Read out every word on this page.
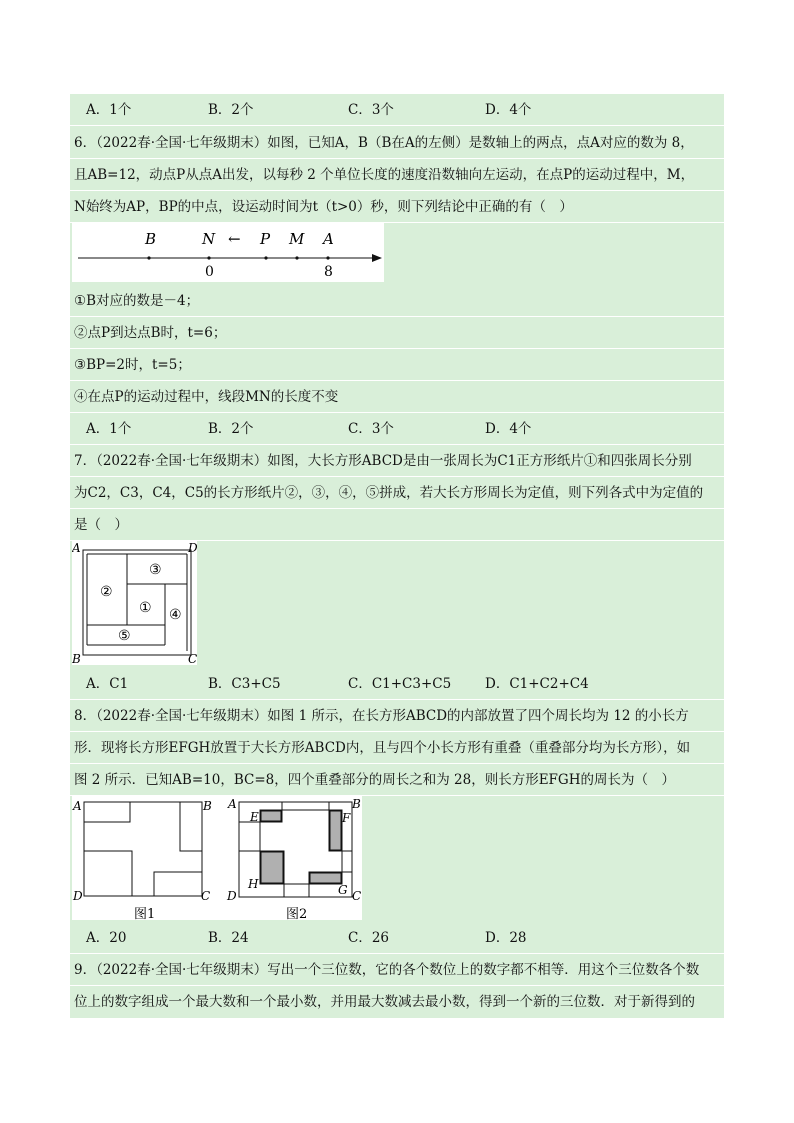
A．1个	B．2个	C．3个	D．4个
6．（2022春·全国·七年级期末）如图，已知A，B（B在A的左侧）是数轴上的两点，点A对应的数为 8，
且AB=12，动点P从点A出发，以每秒 2 个单位长度的速度沿数轴向左运动，在点P的运动过程中，M，
N始终为AP，BP的中点，设运动时间为t（t>0）秒，则下列结论中正确的有（　）
B	N ← P M A
0	8
①B对应的数是－4；
②点P到达点B时，t=6；
③BP=2时，t=5；
④在点P的运动过程中，线段MN的长度不变
A．1个	B．2个	C．3个	D．4个
7．（2022春·全国·七年级期末）如图，大长方形ABCD是由一张周长为C1正方形纸片①和四张周长分别
为C2，C3，C4，C5的长方形纸片②，③，④，⑤拼成，若大长方形周长为定值，则下列各式中为定值的
是（　）
A	D
B	C
①
②
③
④
⑤
A．C1	B．C3+C5	C．C1+C3+C5	D．C1+C2+C4
8．（2022春·全国·七年级期末）如图 1 所示，在长方形ABCD的内部放置了四个周长均为 12 的小长方
形．现将长方形EFGH放置于大长方形ABCD内，且与四个小长方形有重叠（重叠部分均为长方形），如
图 2 所示．已知AB=10，BC=8，四个重叠部分的周长之和为 28，则长方形EFGH的周长为（　）
A	B
D	C
图1
A	B
D	C
E	F
H	G
图2
A．20	B．24	C．26	D．28
9．（2022春·全国·七年级期末）写出一个三位数，它的各个数位上的数字都不相等．用这个三位数各个数
位上的数字组成一个最大数和一个最小数，并用最大数减去最小数，得到一个新的三位数．对于新得到的
